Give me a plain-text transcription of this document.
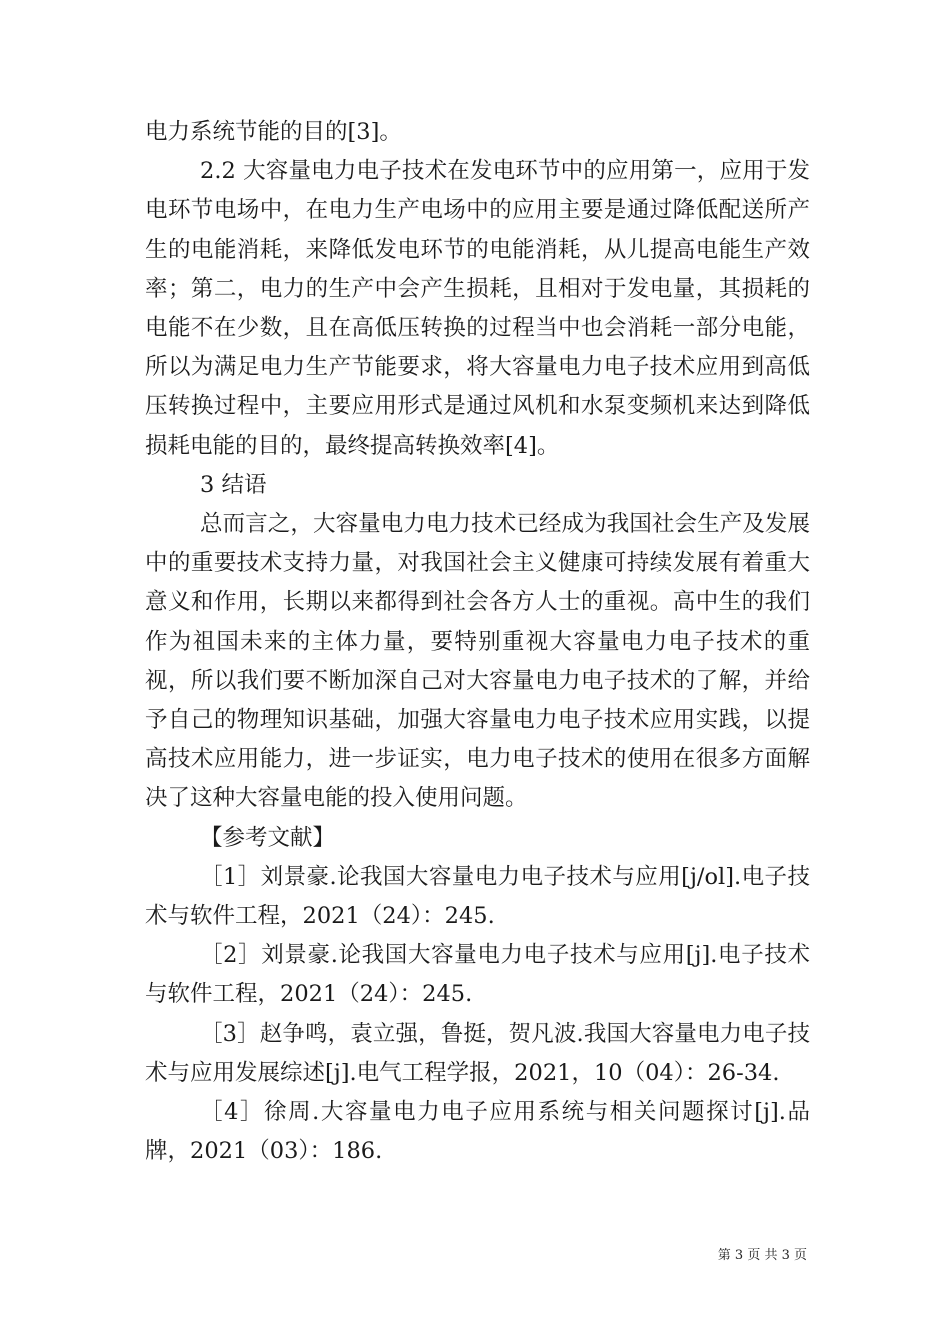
电力系统节能的目的[3]。

2.2 大容量电力电子技术在发电环节中的应用第一，应用于发电环节电场中，在电力生产电场中的应用主要是通过降低配送所产生的电能消耗，来降低发电环节的电能消耗，从儿提高电能生产效率；第二，电力的生产中会产生损耗，且相对于发电量，其损耗的电能不在少数，且在高低压转换的过程当中也会消耗一部分电能，所以为满足电力生产节能要求，将大容量电力电子技术应用到高低压转换过程中，主要应用形式是通过风机和水泵变频机来达到降低损耗电能的目的，最终提高转换效率[4]。

3 结语

总而言之，大容量电力电力技术已经成为我国社会生产及发展中的重要技术支持力量，对我国社会主义健康可持续发展有着重大意义和作用，长期以来都得到社会各方人士的重视。高中生的我们作为祖国未来的主体力量，要特别重视大容量电力电子技术的重视，所以我们要不断加深自己对大容量电力电子技术的了解，并给予自己的物理知识基础，加强大容量电力电子技术应用实践，以提高技术应用能力，进一步证实，电力电子技术的使用在很多方面解决了这种大容量电能的投入使用问题。

【参考文献】

［1］刘景豪.论我国大容量电力电子技术与应用[j/ol].电子技术与软件工程，2021（24）：245.

［2］刘景豪.论我国大容量电力电子技术与应用[j].电子技术与软件工程，2021（24）：245.

［3］赵争鸣，袁立强，鲁挺，贺凡波.我国大容量电力电子技术与应用发展综述[j].电气工程学报，2021，10（04）：26-34.

［4］徐周.大容量电力电子应用系统与相关问题探讨[j].品牌，2021（03）：186.

第 3 页 共 3 页
